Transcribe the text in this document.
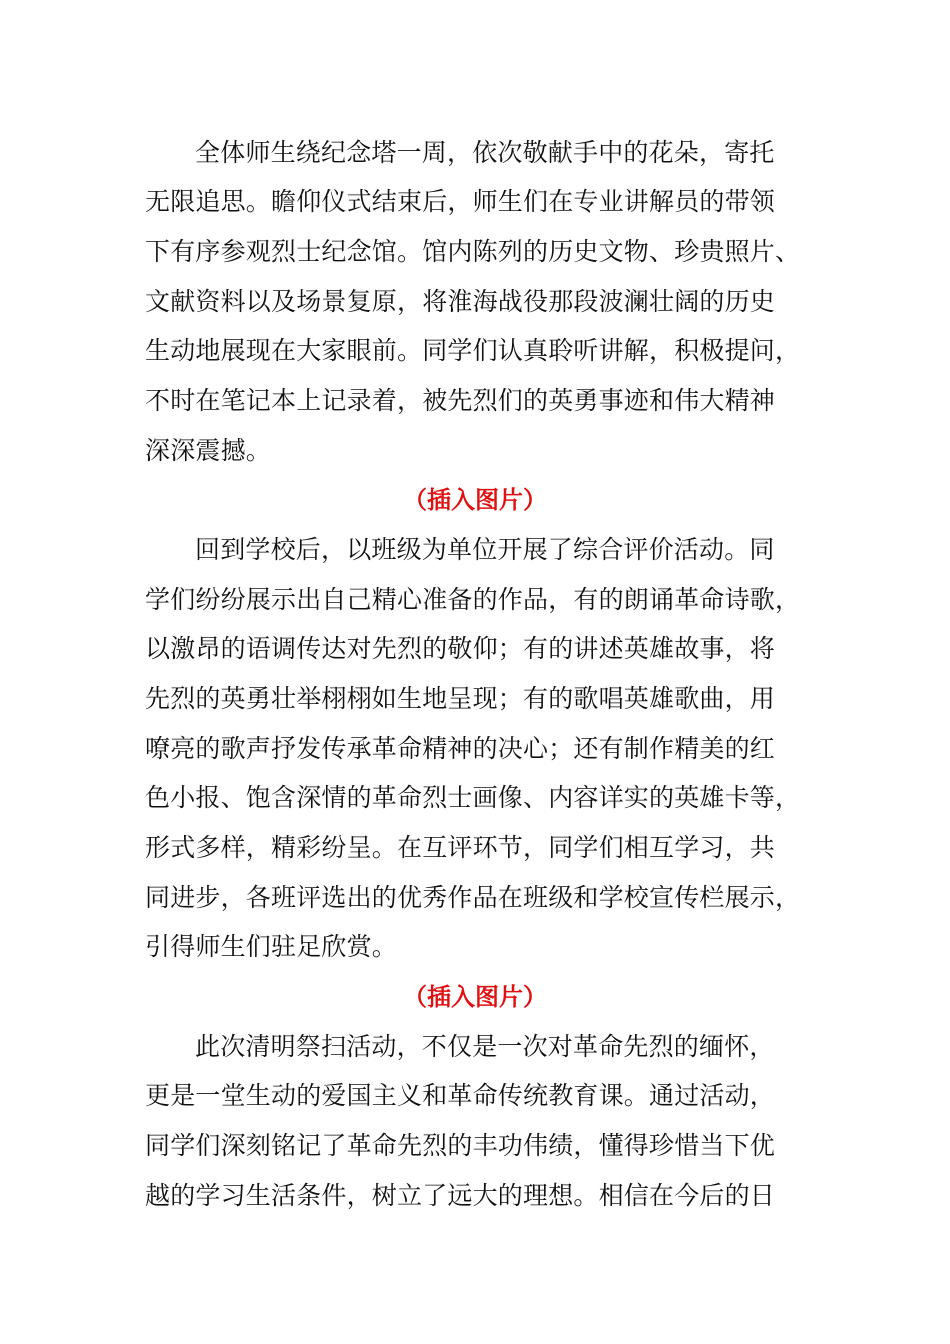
全体师生绕纪念塔一周，依次敬献手中的花朵，寄托
无限追思。瞻仰仪式结束后，师生们在专业讲解员的带领
下有序参观烈士纪念馆。馆内陈列的历史文物、珍贵照片、
文献资料以及场景复原，将淮海战役那段波澜壮阔的历史
生动地展现在大家眼前。同学们认真聆听讲解，积极提问，
不时在笔记本上记录着，被先烈们的英勇事迹和伟大精神
深深震撼。
（插入图片）
回到学校后，以班级为单位开展了综合评价活动。同
学们纷纷展示出自己精心准备的作品，有的朗诵革命诗歌，
以激昂的语调传达对先烈的敬仰；有的讲述英雄故事，将
先烈的英勇壮举栩栩如生地呈现；有的歌唱英雄歌曲，用
嘹亮的歌声抒发传承革命精神的决心；还有制作精美的红
色小报、饱含深情的革命烈士画像、内容详实的英雄卡等，
形式多样，精彩纷呈。在互评环节，同学们相互学习，共
同进步，各班评选出的优秀作品在班级和学校宣传栏展示，
引得师生们驻足欣赏。
（插入图片）
此次清明祭扫活动，不仅是一次对革命先烈的缅怀，
更是一堂生动的爱国主义和革命传统教育课。通过活动，
同学们深刻铭记了革命先烈的丰功伟绩，懂得珍惜当下优
越的学习生活条件，树立了远大的理想。相信在今后的日
